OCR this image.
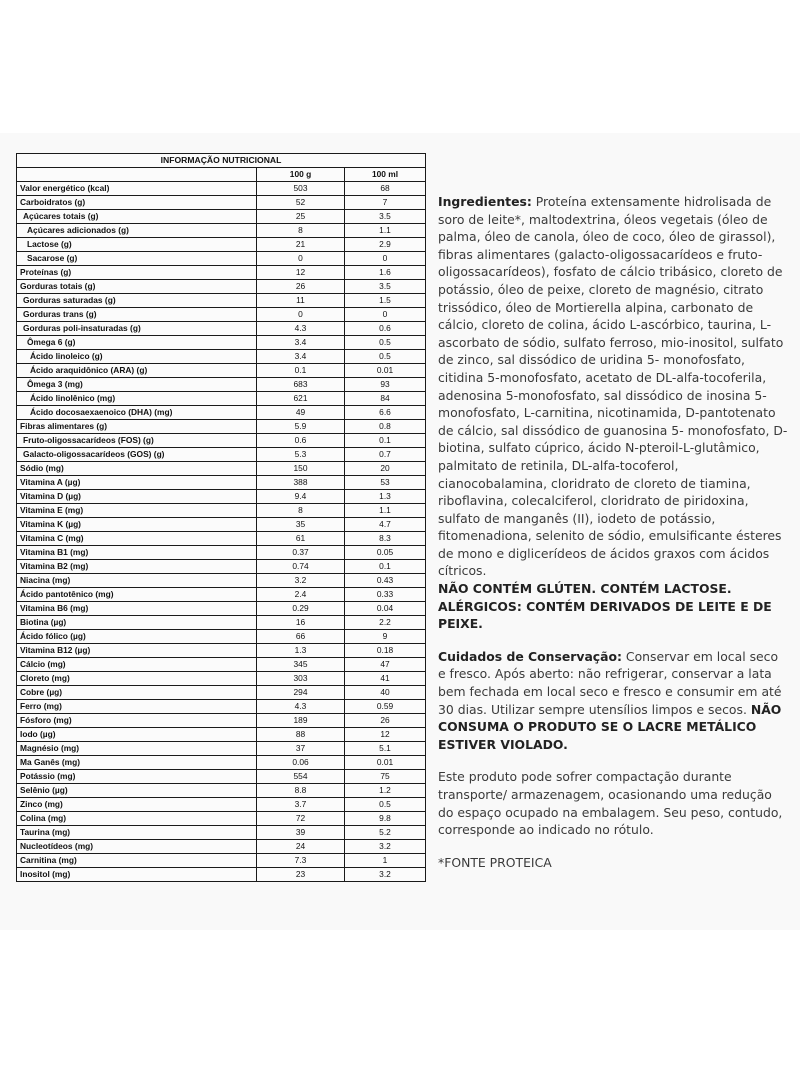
INFORMAÇÃO NUTRICIONAL		
	100 g	100 ml
Valor energético (kcal)	503	68
Carboidratos (g)	52	7
Açúcares totais (g)	25	3.5
Açúcares adicionados (g)	8	1.1
Lactose (g)	21	2.9
Sacarose (g)	0	0
Proteínas (g)	12	1.6
Gorduras totais (g)	26	3.5
Gorduras saturadas (g)	11	1.5
Gorduras trans (g)	0	0
Gorduras poli-insaturadas (g)	4.3	0.6
Ômega 6 (g)	3.4	0.5
Ácido linoleico (g)	3.4	0.5
Ácido araquidônico (ARA) (g)	0.1	0.01
Ômega 3 (mg)	683	93
Ácido linolênico (mg)	621	84
Ácido docosaexaenoico (DHA) (mg)	49	6.6
Fibras alimentares (g)	5.9	0.8
Fruto-oligossacarídeos (FOS) (g)	0.6	0.1
Galacto-oligossacarídeos (GOS) (g)	5.3	0.7
Sódio (mg)	150	20
Vitamina A (µg)	388	53
Vitamina D (µg)	9.4	1.3
Vitamina E (mg)	8	1.1
Vitamina K (µg)	35	4.7
Vitamina C (mg)	61	8.3
Vitamina B1 (mg)	0.37	0.05
Vitamina B2 (mg)	0.74	0.1
Niacina (mg)	3.2	0.43
Ácido pantotênico (mg)	2.4	0.33
Vitamina B6 (mg)	0.29	0.04
Biotina (µg)	16	2.2
Ácido fólico (µg)	66	9
Vitamina B12 (µg)	1.3	0.18
Cálcio (mg)	345	47
Cloreto (mg)	303	41
Cobre (µg)	294	40
Ferro (mg)	4.3	0.59
Fósforo (mg)	189	26
Iodo (µg)	88	12
Magnésio (mg)	37	5.1
Ma Ganês (mg)	0.06	0.01
Potássio (mg)	554	75
Selênio (µg)	8.8	1.2
Zinco (mg)	3.7	0.5
Colina (mg)	72	9.8
Taurina (mg)	39	5.2
Nucleotídeos (mg)	24	3.2
Carnitina (mg)	7.3	1
Inositol (mg)	23	3.2

Ingredientes: Proteína extensamente hidrolisada de soro de leite*, maltodextrina, óleos vegetais (óleo de palma, óleo de canola, óleo de coco, óleo de girassol), fibras alimentares (galacto-oligossacarídeos e fruto-oligossacarídeos), fosfato de cálcio tribásico, cloreto de potássio, óleo de peixe, cloreto de magnésio, citrato trissódico, óleo de Mortierella alpina, carbonato de cálcio, cloreto de colina, ácido L-ascórbico, taurina, L-ascorbato de sódio, sulfato ferroso, mio-inositol, sulfato de zinco, sal dissódico de uridina 5- monofosfato, citidina 5-monofosfato, acetato de DL-alfa-tocoferila, adenosina 5-monofosfato, sal dissódico de inosina 5-monofosfato, L-carnitina, nicotinamida, D-pantotenato de cálcio, sal dissódico de guanosina 5- monofosfato, D-biotina, sulfato cúprico, ácido N-pteroil-L-glutâmico, palmitato de retinila, DL-alfa-tocoferol, cianocobalamina, cloridrato de cloreto de tiamina, riboflavina, colecalciferol, cloridrato de piridoxina, sulfato de manganês (II), iodeto de potássio, fitomenadiona, selenito de sódio, emulsificante ésteres de mono e diglicerídeos de ácidos graxos com ácidos cítricos.

NÃO CONTÉM GLÚTEN. CONTÉM LACTOSE. ALÉRGICOS: CONTÉM DERIVADOS DE LEITE E DE PEIXE.

Cuidados de Conservação: Conservar em local seco e fresco. Após aberto: não refrigerar, conservar a lata bem fechada em local seco e fresco e consumir em até 30 dias. Utilizar sempre utensílios limpos e secos. NÃO CONSUMA O PRODUTO SE O LACRE METÁLICO ESTIVER VIOLADO.

Este produto pode sofrer compactação durante transporte/ armazenagem, ocasionando uma redução do espaço ocupado na embalagem. Seu peso, contudo, corresponde ao indicado no rótulo.

*FONTE PROTEICA
